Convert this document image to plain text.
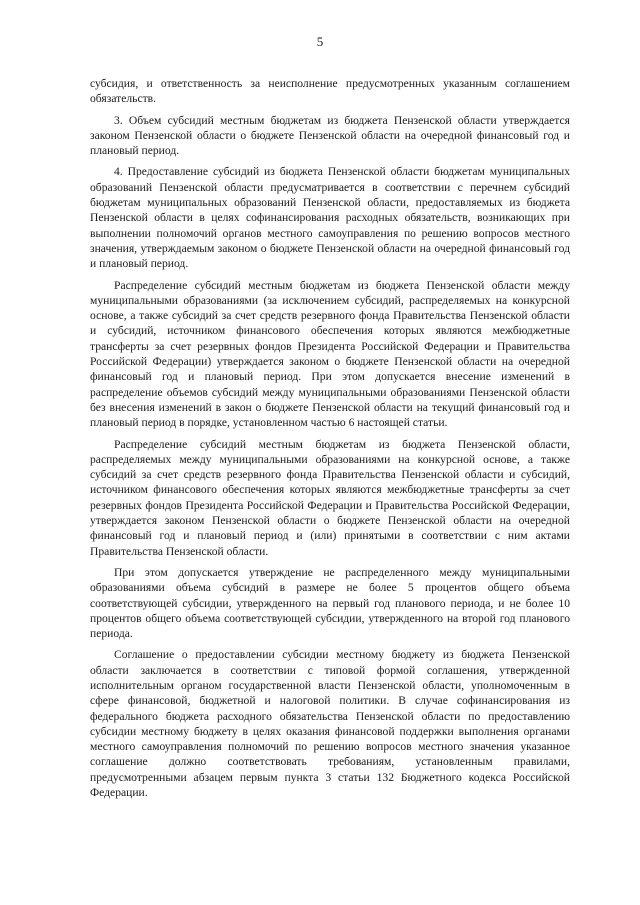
5

субсидия, и ответственность за неисполнение предусмотренных указанным соглашением обязательств.

3. Объем субсидий местным бюджетам из бюджета Пензенской области утверждается законом Пензенской области о бюджете Пензенской области на очередной финансовый год и плановый период.

4. Предоставление субсидий из бюджета Пензенской области бюджетам муниципальных образований Пензенской области предусматривается в соответствии с перечнем субсидий бюджетам муниципальных образований Пензенской области, предоставляемых из бюджета Пензенской области в целях софинансирования расходных обязательств, возникающих при выполнении полномочий органов местного самоуправления по решению вопросов местного значения, утверждаемым законом о бюджете Пензенской области на очередной финансовый год и плановый период.

Распределение субсидий местным бюджетам из бюджета Пензенской области между муниципальными образованиями (за исключением субсидий, распределяемых на конкурсной основе, а также субсидий за счет средств резервного фонда Правительства Пензенской области и субсидий, источником финансового обеспечения которых являются межбюджетные трансферты за счет резервных фондов Президента Российской Федерации и Правительства Российской Федерации) утверждается законом о бюджете Пензенской области на очередной финансовый год и плановый период. При этом допускается внесение изменений в распределение объемов субсидий между муниципальными образованиями Пензенской области без внесения изменений в закон о бюджете Пензенской области на текущий финансовый год и плановый период в порядке, установленном частью 6 настоящей статьи.

Распределение субсидий местным бюджетам из бюджета Пензенской области, распределяемых между муниципальными образованиями на конкурсной основе, а также субсидий за счет средств резервного фонда Правительства Пензенской области и субсидий, источником финансового обеспечения которых являются межбюджетные трансферты за счет резервных фондов Президента Российской Федерации и Правительства Российской Федерации, утверждается законом Пензенской области о бюджете Пензенской области на очередной финансовый год и плановый период и (или) принятыми в соответствии с ним актами Правительства Пензенской области.

При этом допускается утверждение не распределенного между муниципальными образованиями объема субсидий в размере не более 5 процентов общего объема соответствующей субсидии, утвержденного на первый год планового периода, и не более 10 процентов общего объема соответствующей субсидии, утвержденного на второй год планового периода.

Соглашение о предоставлении субсидии местному бюджету из бюджета Пензенской области заключается в соответствии с типовой формой соглашения, утвержденной исполнительным органом государственной власти Пензенской области, уполномоченным в сфере финансовой, бюджетной и налоговой политики. В случае софинансирования из федерального бюджета расходного обязательства Пензенской области по предоставлению субсидии местному бюджету в целях оказания финансовой поддержки выполнения органами местного самоуправления полномочий по решению вопросов местного значения указанное соглашение должно соответствовать требованиям, установленным правилами, предусмотренными абзацем первым пункта 3 статьи 132 Бюджетного кодекса Российской Федерации.
